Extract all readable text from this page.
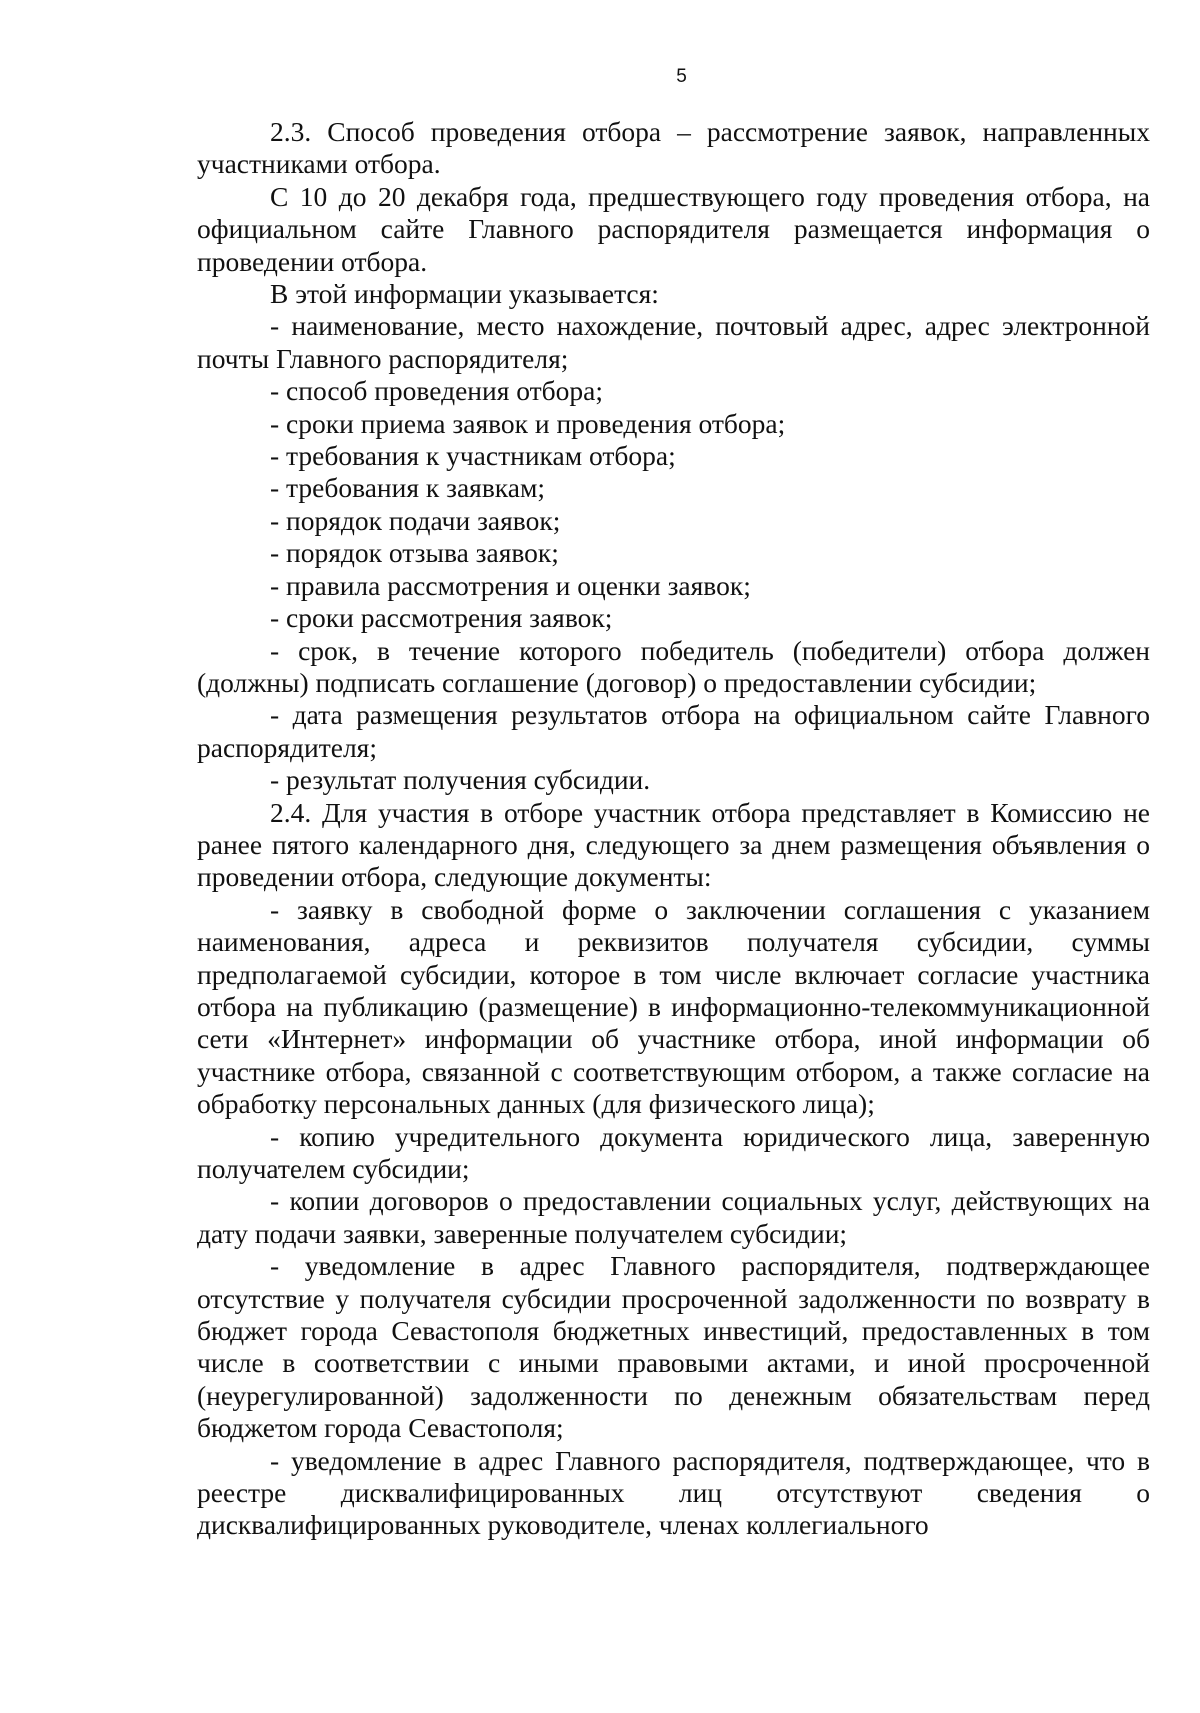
5

2.3. Способ проведения отбора – рассмотрение заявок, направленных участниками отбора.

С 10 до 20 декабря года, предшествующего году проведения отбора, на официальном сайте Главного распорядителя размещается информация о проведении отбора.

В этой информации указывается:

- наименование, место нахождение, почтовый адрес, адрес электронной почты Главного распорядителя;

- способ проведения отбора;

- сроки приема заявок и проведения отбора;

- требования к участникам отбора;

- требования к заявкам;

- порядок подачи заявок;

- порядок отзыва заявок;

- правила рассмотрения и оценки заявок;

- сроки рассмотрения заявок;

- срок, в течение которого победитель (победители) отбора должен (должны) подписать соглашение (договор) о предоставлении субсидии;

- дата размещения результатов отбора на официальном сайте Главного распорядителя;

- результат получения субсидии.

2.4. Для участия в отборе участник отбора представляет в Комиссию не ранее пятого календарного дня, следующего за днем размещения объявления о проведении отбора, следующие документы:

- заявку в свободной форме о заключении соглашения с указанием наименования, адреса и реквизитов получателя субсидии, суммы предполагаемой субсидии, которое в том числе включает согласие участника отбора на публикацию (размещение) в информационно-телекоммуникационной сети «Интернет» информации об участнике отбора, иной информации об участнике отбора, связанной с соответствующим отбором, а также согласие на обработку персональных данных (для физического лица);

- копию учредительного документа юридического лица, заверенную получателем субсидии;

- копии договоров о предоставлении социальных услуг, действующих на дату подачи заявки, заверенные получателем субсидии;

- уведомление в адрес Главного распорядителя, подтверждающее отсутствие у получателя субсидии просроченной задолженности по возврату в бюджет города Севастополя бюджетных инвестиций, предоставленных в том числе в соответствии с иными правовыми актами, и иной просроченной (неурегулированной) задолженности по денежным обязательствам перед бюджетом города Севастополя;

- уведомление в адрес Главного распорядителя, подтверждающее, что в реестре дисквалифицированных лиц отсутствуют сведения о дисквалифицированных руководителе, членах коллегиального
